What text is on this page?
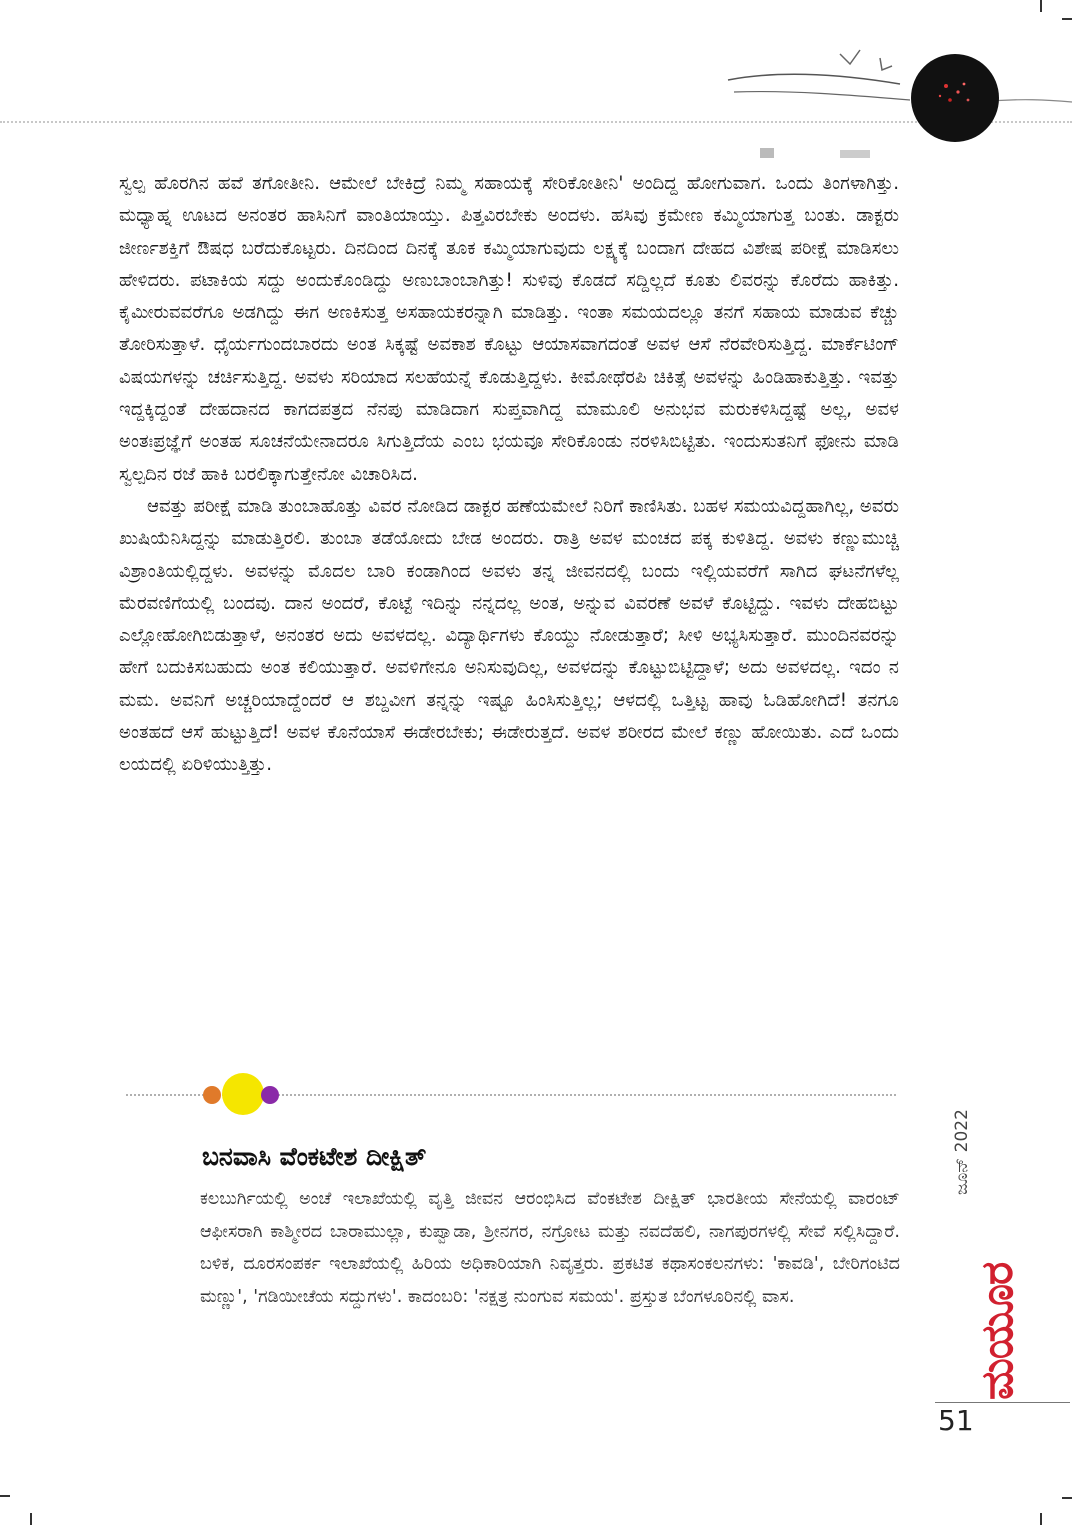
ಸ್ವಲ್ಪ ಹೊರಗಿನ ಹವೆ ತಗೋತೀನಿ. ಆಮೇಲೆ ಬೇಕಿದ್ರೆ ನಿಮ್ಮ ಸಹಾಯಕ್ಕೆ ಸೇರಿಕೋತೀನಿ' ಅಂದಿದ್ದ ಹೋಗುವಾಗ. ಒಂದು ತಿಂಗಳಾಗಿತ್ತು. ಮಧ್ಯಾಹ್ನ ಊಟದ ಅನಂತರ ಹಾಸಿನಿಗೆ ವಾಂತಿಯಾಯ್ತು. ಪಿತ್ತವಿರಬೇಕು ಅಂದಳು. ಹಸಿವು ಕ್ರಮೇಣ ಕಮ್ಮಿಯಾಗುತ್ತ ಬಂತು. ಡಾಕ್ಟರು ಜೀರ್ಣಶಕ್ತಿಗೆ ಔಷಧ ಬರೆದುಕೊಟ್ಟರು. ದಿನದಿಂದ ದಿನಕ್ಕೆ ತೂಕ ಕಮ್ಮಿಯಾಗುವುದು ಲಕ್ಷ್ಯಕ್ಕೆ ಬಂದಾಗ ದೇಹದ ವಿಶೇಷ ಪರೀಕ್ಷೆ ಮಾಡಿಸಲು ಹೇಳಿದರು. ಪಟಾಕಿಯ ಸದ್ದು ಅಂದುಕೊಂಡಿದ್ದು ಅಣುಬಾಂಬಾಗಿತ್ತು! ಸುಳಿವು ಕೊಡದೆ ಸದ್ದಿಲ್ಲದೆ ಕೂತು ಲಿವರನ್ನು ಕೊರೆದು ಹಾಕಿತ್ತು. ಕೈಮೀರುವವರೆಗೂ ಅಡಗಿದ್ದು ಈಗ ಅಣಕಿಸುತ್ತ ಅಸಹಾಯಕರನ್ನಾಗಿ ಮಾಡಿತ್ತು. ಇಂತಾ ಸಮಯದಲ್ಲೂ ತನಗೆ ಸಹಾಯ ಮಾಡುವ ಕೆಚ್ಚು ತೋರಿಸುತ್ತಾಳೆ. ಧೈರ್ಯಗುಂದಬಾರದು ಅಂತ ಸಿಕ್ಕಷ್ಟೆ ಅವಕಾಶ ಕೊಟ್ಟು ಆಯಾಸವಾಗದಂತೆ ಅವಳ ಆಸೆ ನೆರವೇರಿಸುತ್ತಿದ್ದ. ಮಾರ್ಕೆಟಿಂಗ್ ವಿಷಯಗಳನ್ನು ಚರ್ಚಿಸುತ್ತಿದ್ದ. ಅವಳು ಸರಿಯಾದ ಸಲಹೆಯನ್ನೆ ಕೊಡುತ್ತಿದ್ದಳು. ಕೀಮೋಥೆರಪಿ ಚಿಕಿತ್ಸೆ ಅವಳನ್ನು ಹಿಂಡಿಹಾಕುತ್ತಿತ್ತು. ಇವತ್ತು ಇದ್ದಕ್ಕಿದ್ದಂತೆ ದೇಹದಾನದ ಕಾಗದಪತ್ರದ ನೆನಪು ಮಾಡಿದಾಗ ಸುಪ್ತವಾಗಿದ್ದ ಮಾಮೂಲಿ ಅನುಭವ ಮರುಕಳಿಸಿದ್ದಷ್ಟೆ ಅಲ್ಲ, ಅವಳ ಅಂತಃಪ್ರಜ್ಞೆಗೆ ಅಂತಹ ಸೂಚನೆಯೇನಾದರೂ ಸಿಗುತ್ತಿದೆಯ ಎಂಬ ಭಯವೂ ಸೇರಿಕೊಂಡು ನರಳಿಸಿಬಿಟ್ಟಿತು. ಇಂದುಸುತನಿಗೆ ಫೋನು ಮಾಡಿ ಸ್ವಲ್ಪದಿನ ರಜೆ ಹಾಕಿ ಬರಲಿಕ್ಕಾಗುತ್ತೇನೋ ವಿಚಾರಿಸಿದ.

ಆವತ್ತು ಪರೀಕ್ಷೆ ಮಾಡಿ ತುಂಬಾಹೊತ್ತು ವಿವರ ನೋಡಿದ ಡಾಕ್ಟರ ಹಣೆಯಮೇಲೆ ನಿರಿಗೆ ಕಾಣಿಸಿತು. ಬಹಳ ಸಮಯವಿದ್ದಹಾಗಿಲ್ಲ, ಅವರು ಖುಷಿಯೆನಿಸಿದ್ದನ್ನು ಮಾಡುತ್ತಿರಲಿ. ತುಂಬಾ ತಡೆಯೋದು ಬೇಡ ಅಂದರು. ರಾತ್ರಿ ಅವಳ ಮಂಚದ ಪಕ್ಕ ಕುಳಿತಿದ್ದ. ಅವಳು ಕಣ್ಣುಮುಚ್ಚಿ ವಿಶ್ರಾಂತಿಯಲ್ಲಿದ್ದಳು. ಅವಳನ್ನು ಮೊದಲ ಬಾರಿ ಕಂಡಾಗಿಂದ ಅವಳು ತನ್ನ ಜೀವನದಲ್ಲಿ ಬಂದು ಇಲ್ಲಿಯವರೆಗೆ ಸಾಗಿದ ಘಟನೆಗಳೆಲ್ಲ ಮೆರವಣಿಗೆಯಲ್ಲಿ ಬಂದವು. ದಾನ ಅಂದರೆ, ಕೊಟ್ಟೆ ಇದಿನ್ನು ನನ್ನದಲ್ಲ ಅಂತ, ಅನ್ನುವ ವಿವರಣೆ ಅವಳೆ ಕೊಟ್ಟಿದ್ದು. ಇವಳು ದೇಹಬಿಟ್ಟು ಎಲ್ಲೋಹೋಗಿಬಿಡುತ್ತಾಳೆ, ಅನಂತರ ಅದು ಅವಳದಲ್ಲ. ವಿದ್ಯಾರ್ಥಿಗಳು ಕೊಯ್ದು ನೋಡುತ್ತಾರೆ; ಸೀಳಿ ಅಭ್ಯಸಿಸುತ್ತಾರೆ. ಮುಂದಿನವರನ್ನು ಹೇಗೆ ಬದುಕಿಸಬಹುದು ಅಂತ ಕಲಿಯುತ್ತಾರೆ. ಅವಳಿಗೇನೂ ಅನಿಸುವುದಿಲ್ಲ, ಅವಳದನ್ನು ಕೊಟ್ಟುಬಿಟ್ಟಿದ್ದಾಳೆ; ಅದು ಅವಳದಲ್ಲ. ಇದಂ ನ ಮಮ. ಅವನಿಗೆ ಅಚ್ಚರಿಯಾದ್ದೆಂದರೆ ಆ ಶಬ್ದವೀಗ ತನ್ನನ್ನು ಇಷ್ಟೂ ಹಿಂಸಿಸುತ್ತಿಲ್ಲ; ಆಳದಲ್ಲಿ ಒತ್ತಿಟ್ಟ ಹಾವು ಓಡಿಹೋಗಿದೆ! ತನಗೂ ಅಂತಹದೆ ಆಸೆ ಹುಟ್ಟುತ್ತಿದೆ! ಅವಳ ಕೊನೆಯಾಸೆ ಈಡೇರಬೇಕು; ಈಡೇರುತ್ತದೆ. ಅವಳ ಶರೀರದ ಮೇಲೆ ಕಣ್ಣು ಹೋಯಿತು. ಎದೆ ಒಂದು ಲಯದಲ್ಲಿ ಏರಿಳಿಯುತ್ತಿತ್ತು.

ಬನವಾಸಿ ವೆಂಕಟೇಶ ದೀಕ್ಷಿತ್
ಕಲಬುರ್ಗಿಯಲ್ಲಿ ಅಂಚೆ ಇಲಾಖೆಯಲ್ಲಿ ವೃತ್ತಿ ಜೀವನ ಆರಂಭಿಸಿದ ವೆಂಕಟೇಶ ದೀಕ್ಷಿತ್ ಭಾರತೀಯ ಸೇನೆಯಲ್ಲಿ ವಾರಂಟ್ ಆಫೀಸರಾಗಿ ಕಾಶ್ಮೀರದ ಬಾರಾಮುಲ್ಲಾ, ಕುಪ್ವಾಡಾ, ಶ್ರೀನಗರ, ನಗ್ರೋಟ ಮತ್ತು ನವದೆಹಲಿ, ನಾಗಪುರಗಳಲ್ಲಿ ಸೇವೆ ಸಲ್ಲಿಸಿದ್ದಾರೆ. ಬಳಿಕ, ದೂರಸಂಪರ್ಕ ಇಲಾಖೆಯಲ್ಲಿ ಹಿರಿಯ ಅಧಿಕಾರಿಯಾಗಿ ನಿವೃತ್ತರು. ಪ್ರಕಟಿತ ಕಥಾಸಂಕಲನಗಳು: 'ಕಾವಡಿ', ಬೇರಿಗಂಟಿದ ಮಣ್ಣು', 'ಗಡಿಯೀಚೆಯ ಸದ್ದುಗಳು'. ಕಾದಂಬರಿ: 'ನಕ್ಷತ್ರ ನುಂಗುವ ಸಮಯ'. ಪ್ರಸ್ತುತ ಬೆಂಗಳೂರಿನಲ್ಲಿ ವಾಸ.
ಜೂನ್ 2022
ಮಯೂರ
51
